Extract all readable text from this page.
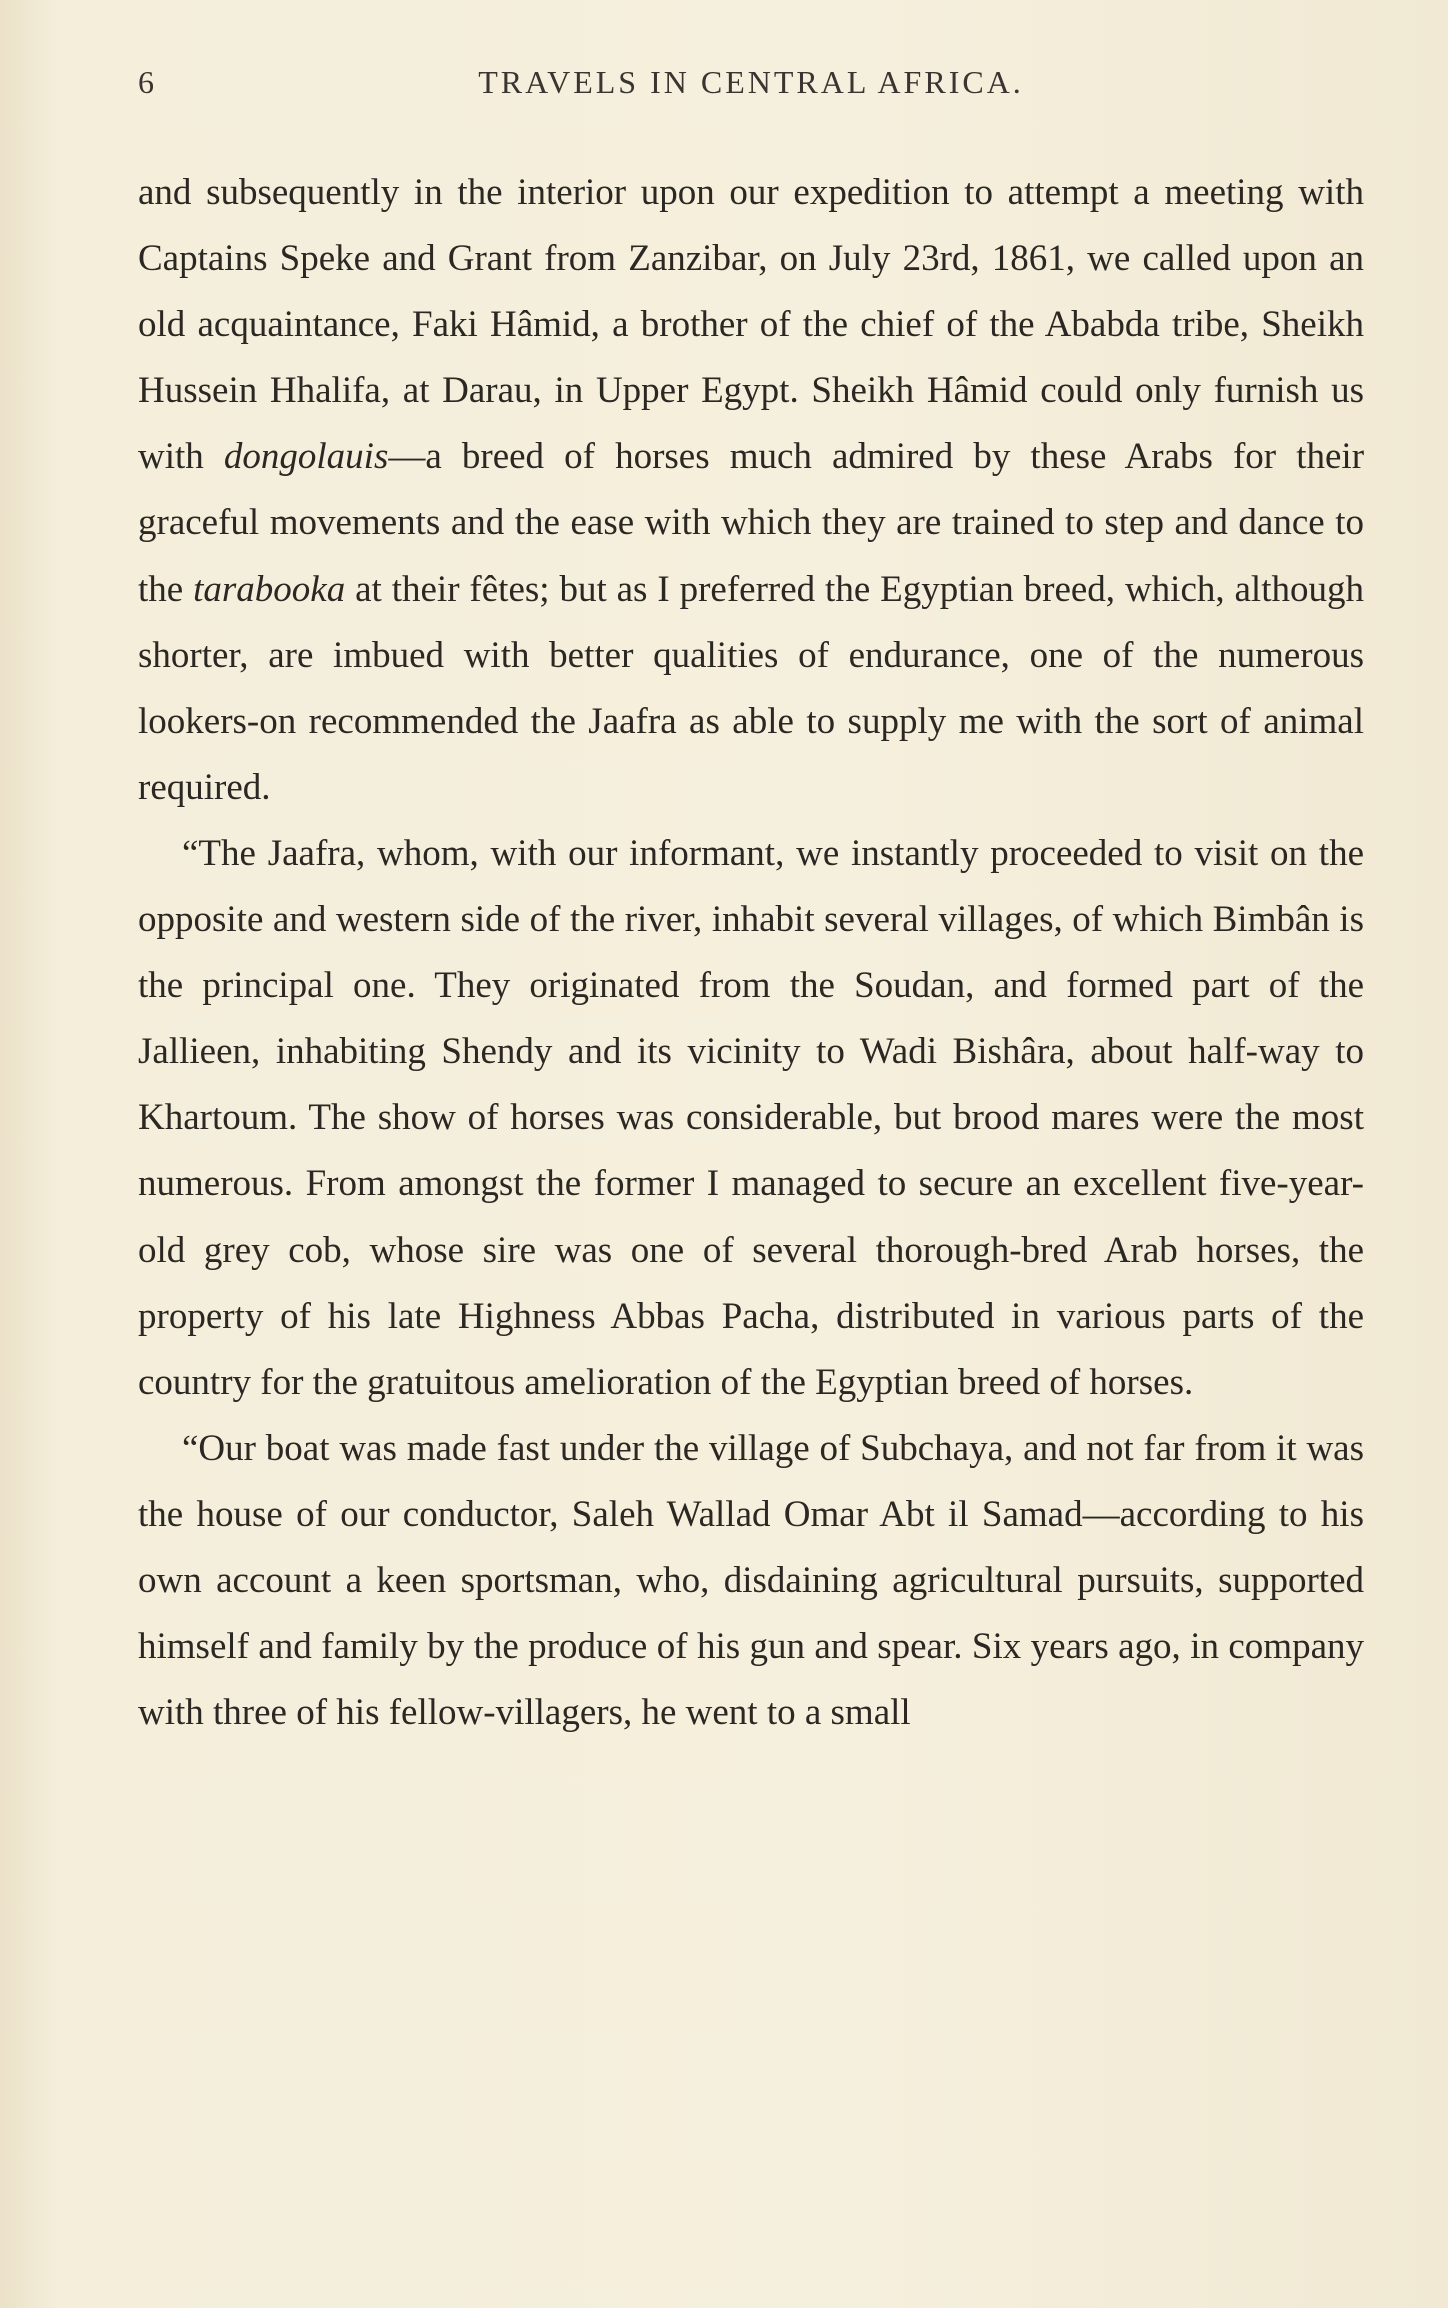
6	TRAVELS IN CENTRAL AFRICA.

and subsequently in the interior upon our expedition to attempt a meeting with Captains Speke and Grant from Zanzibar, on July 23rd, 1861, we called upon an old acquaintance, Faki Hâmid, a brother of the chief of the Ababda tribe, Sheikh Hussein Hhalifa, at Darau, in Upper Egypt. Sheikh Hâmid could only furnish us with dongolauis—a breed of horses much admired by these Arabs for their graceful movements and the ease with which they are trained to step and dance to the tarabooka at their fêtes; but as I preferred the Egyptian breed, which, although shorter, are imbued with better qualities of endurance, one of the numerous lookers-on recommended the Jaafra as able to supply me with the sort of animal required.

“The Jaafra, whom, with our informant, we instantly proceeded to visit on the opposite and western side of the river, inhabit several villages, of which Bimbân is the principal one. They originated from the Soudan, and formed part of the Jallieen, inhabiting Shendy and its vicinity to Wadi Bishâra, about half-way to Khartoum. The show of horses was considerable, but brood mares were the most numerous. From amongst the former I managed to secure an excellent five-year-old grey cob, whose sire was one of several thorough-bred Arab horses, the property of his late Highness Abbas Pacha, distributed in various parts of the country for the gratuitous amelioration of the Egyptian breed of horses.

“Our boat was made fast under the village of Subchaya, and not far from it was the house of our conductor, Saleh Wallad Omar Abt il Samad—according to his own account a keen sportsman, who, disdaining agricultural pursuits, supported himself and family by the produce of his gun and spear. Six years ago, in company with three of his fellow-villagers, he went to a small
